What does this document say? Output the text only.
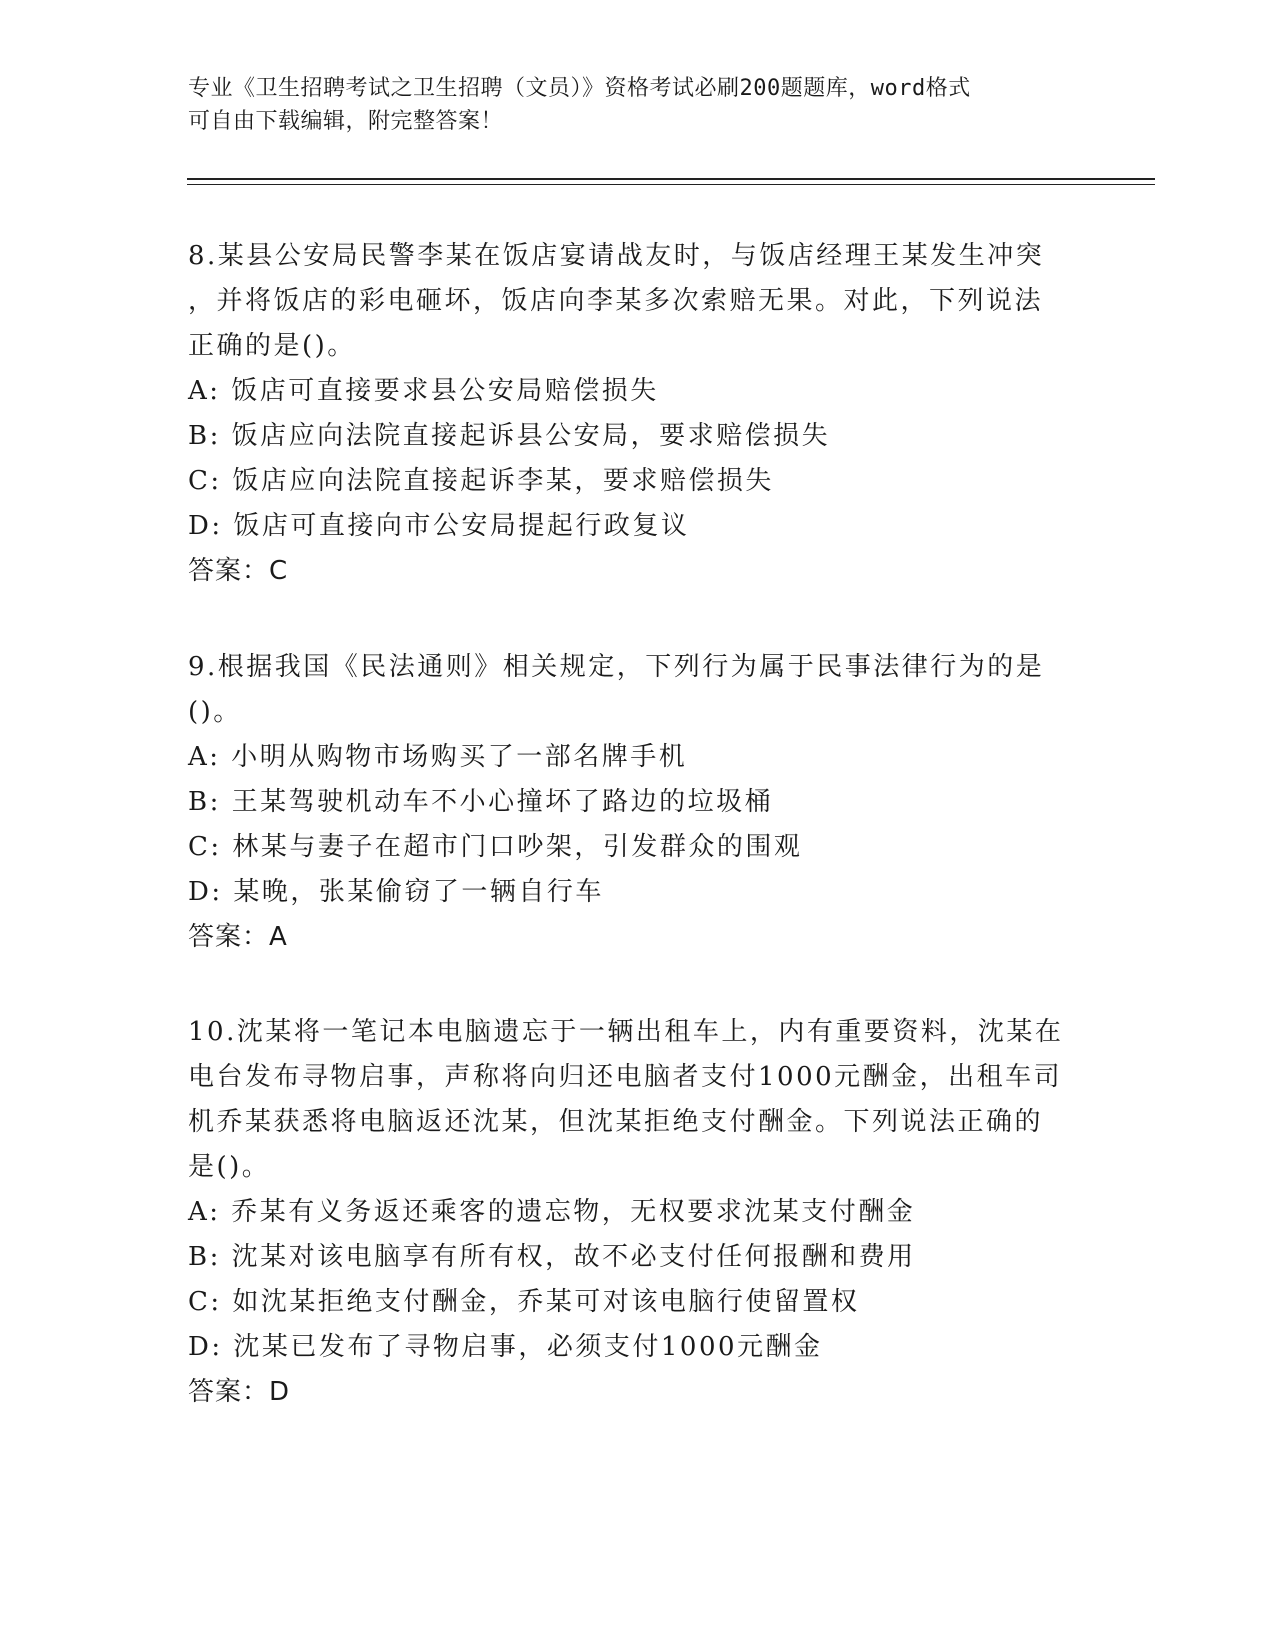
专业《卫生招聘考试之卫生招聘（文员）》资格考试必刷200题题库，word格式
可自由下载编辑，附完整答案！

8.某县公安局民警李某在饭店宴请战友时，与饭店经理王某发生冲突

，并将饭店的彩电砸坏，饭店向李某多次索赔无果。对此，下列说法

正确的是()。

A: 饭店可直接要求县公安局赔偿损失

B: 饭店应向法院直接起诉县公安局，要求赔偿损失

C: 饭店应向法院直接起诉李某，要求赔偿损失

D: 饭店可直接向市公安局提起行政复议

答案：C

9.根据我国《民法通则》相关规定，下列行为属于民事法律行为的是

()。

A: 小明从购物市场购买了一部名牌手机

B: 王某驾驶机动车不小心撞坏了路边的垃圾桶

C: 林某与妻子在超市门口吵架，引发群众的围观

D: 某晚，张某偷窃了一辆自行车

答案：A

10.沈某将一笔记本电脑遗忘于一辆出租车上，内有重要资料，沈某在

电台发布寻物启事，声称将向归还电脑者支付1000元酬金，出租车司

机乔某获悉将电脑返还沈某，但沈某拒绝支付酬金。下列说法正确的

是()。

A: 乔某有义务返还乘客的遗忘物，无权要求沈某支付酬金

B: 沈某对该电脑享有所有权，故不必支付任何报酬和费用

C: 如沈某拒绝支付酬金，乔某可对该电脑行使留置权

D: 沈某已发布了寻物启事，必须支付1000元酬金

答案：D
